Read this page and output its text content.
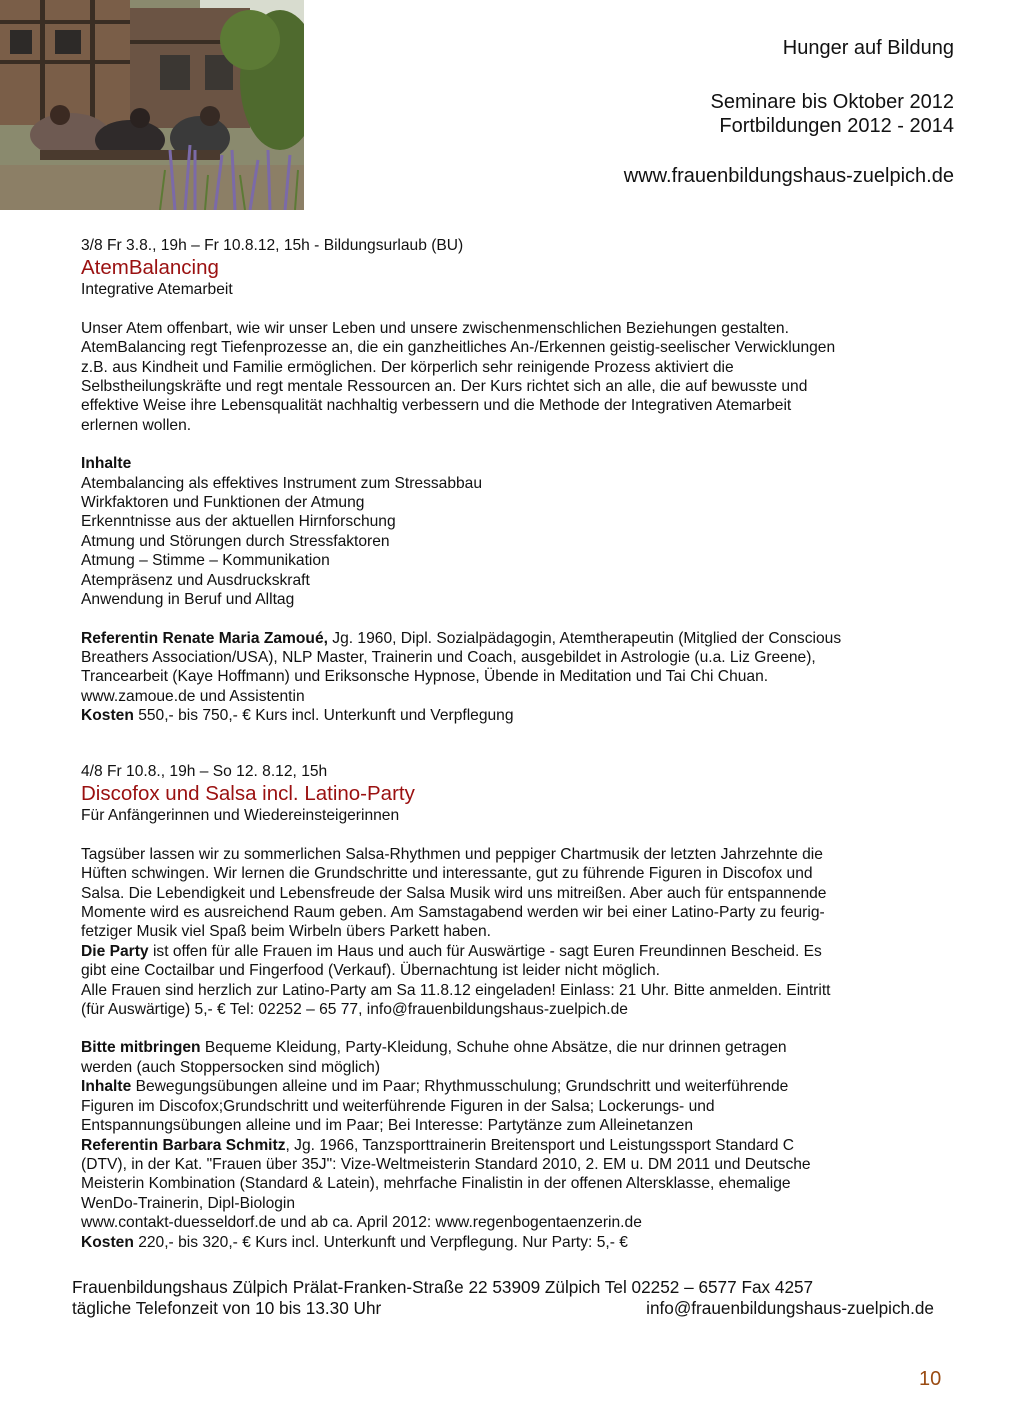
Hunger auf Bildung
Seminare bis Oktober 2012
Fortbildungen 2012 - 2014
www.frauenbildungshaus-zuelpich.de
3/8 Fr 3.8., 19h – Fr 10.8.12, 15h - Bildungsurlaub (BU)
AtemBalancing
Integrative Atemarbeit
Unser Atem offenbart, wie wir unser Leben und unsere zwischenmenschlichen Beziehungen gestalten.
AtemBalancing regt Tiefenprozesse an, die ein ganzheitliches An-/Erkennen geistig-seelischer Verwicklungen
z.B. aus Kindheit und Familie ermöglichen. Der körperlich sehr reinigende Prozess aktiviert die
Selbstheilungskräfte und regt mentale Ressourcen an. Der Kurs richtet sich an alle, die auf bewusste und
effektive Weise ihre Lebensqualität nachhaltig verbessern und die Methode der Integrativen Atemarbeit
erlernen wollen.
Inhalte
Atembalancing als effektives Instrument zum Stressabbau
Wirkfaktoren und Funktionen der Atmung
Erkenntnisse aus der aktuellen Hirnforschung
Atmung und Störungen durch Stressfaktoren
Atmung – Stimme – Kommunikation
Atempräsenz und Ausdruckskraft
Anwendung in Beruf und Alltag
Referentin Renate Maria Zamoué, Jg. 1960, Dipl. Sozialpädagogin, Atemtherapeutin (Mitglied der Conscious
Breathers Association/USA), NLP Master, Trainerin und Coach, ausgebildet in Astrologie (u.a. Liz Greene),
Trancearbeit (Kaye Hoffmann) und Eriksonsche Hypnose, Übende in Meditation und Tai Chi Chuan.
www.zamoue.de und Assistentin
Kosten 550,- bis 750,- € Kurs incl. Unterkunft und Verpflegung
4/8 Fr 10.8., 19h – So 12. 8.12, 15h
Discofox und Salsa incl. Latino-Party
Für Anfängerinnen und Wiedereinsteigerinnen
Tagsüber lassen wir zu sommerlichen Salsa-Rhythmen und peppiger Chartmusik der letzten Jahrzehnte die
Hüften schwingen. Wir lernen die Grundschritte und interessante, gut zu führende Figuren in Discofox und
Salsa. Die Lebendigkeit und Lebensfreude der Salsa Musik wird uns mitreißen. Aber auch für entspannende
Momente wird es ausreichend Raum geben. Am Samstagabend werden wir bei einer Latino-Party zu feurig-
fetziger Musik viel Spaß beim Wirbeln übers Parkett haben.
Die Party ist offen für alle Frauen im Haus und auch für Auswärtige - sagt Euren Freundinnen Bescheid. Es
gibt eine Coctailbar und Fingerfood (Verkauf). Übernachtung ist leider nicht möglich.
Alle Frauen sind herzlich zur Latino-Party am Sa 11.8.12 eingeladen! Einlass: 21 Uhr. Bitte anmelden. Eintritt
(für Auswärtige) 5,- € Tel: 02252 – 65 77, info@frauenbildungshaus-zuelpich.de
Bitte mitbringen Bequeme Kleidung, Party-Kleidung, Schuhe ohne Absätze, die nur drinnen getragen
werden (auch Stoppersocken sind möglich)
Inhalte Bewegungsübungen alleine und im Paar; Rhythmusschulung; Grundschritt und weiterführende
Figuren im Discofox;Grundschritt und weiterführende Figuren in der Salsa; Lockerungs- und
Entspannungsübungen alleine und im Paar; Bei Interesse: Partytänze zum Alleinetanzen
Referentin Barbara Schmitz, Jg. 1966, Tanzsporttrainerin Breitensport und Leistungssport Standard C
(DTV), in der Kat. "Frauen über 35J": Vize-Weltmeisterin Standard 2010, 2. EM u. DM 2011 und Deutsche
Meisterin Kombination (Standard & Latein), mehrfache Finalistin in der offenen Altersklasse, ehemalige
WenDo-Trainerin, Dipl-Biologin
www.contakt-duesseldorf.de und ab ca. April 2012: www.regenbogentaenzerin.de
Kosten 220,- bis 320,- € Kurs incl. Unterkunft und Verpflegung. Nur Party: 5,- €
Frauenbildungshaus Zülpich Prälat-Franken-Straße 22 53909 Zülpich Tel 02252 – 6577 Fax 4257
tägliche Telefonzeit von 10 bis 13.30 Uhr	info@frauenbildungshaus-zuelpich.de
10
